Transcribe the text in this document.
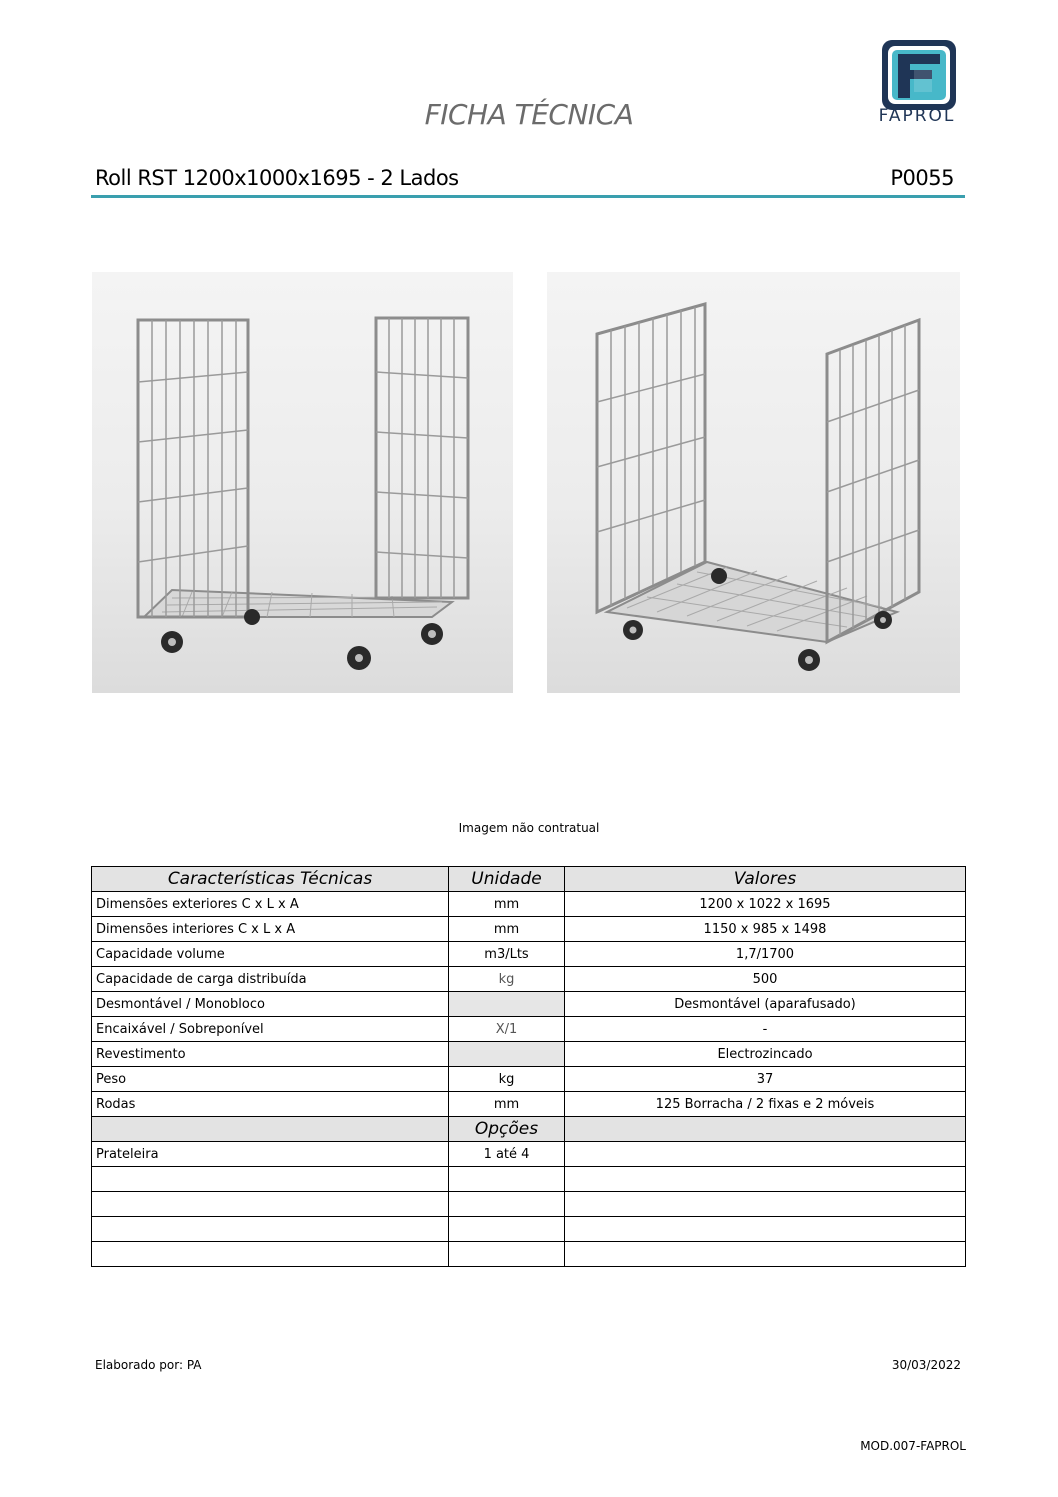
FICHA TÉCNICA	FAPROL
Roll RST 1200x1000x1695 - 2 Lados	P0055
Imagem não contratual
Características Técnicas	Unidade	Valores
Dimensões exteriores C x L x A	mm	1200 x 1022 x 1695
Dimensões interiores C x L x A	mm	1150 x 985 x 1498
Capacidade volume	m3/Lts	1,7/1700
Capacidade de carga distribuída	kg	500
Desmontável / Monobloco		Desmontável (aparafusado)
Encaixável / Sobreponível	X/1	-
Revestimento		Electrozincado
Peso	kg	37
Rodas	mm	125 Borracha / 2 fixas e 2 móveis
	Opções	
Prateleira	1 até 4	

Elaborado por: PA	30/03/2022
MOD.007-FAPROL
